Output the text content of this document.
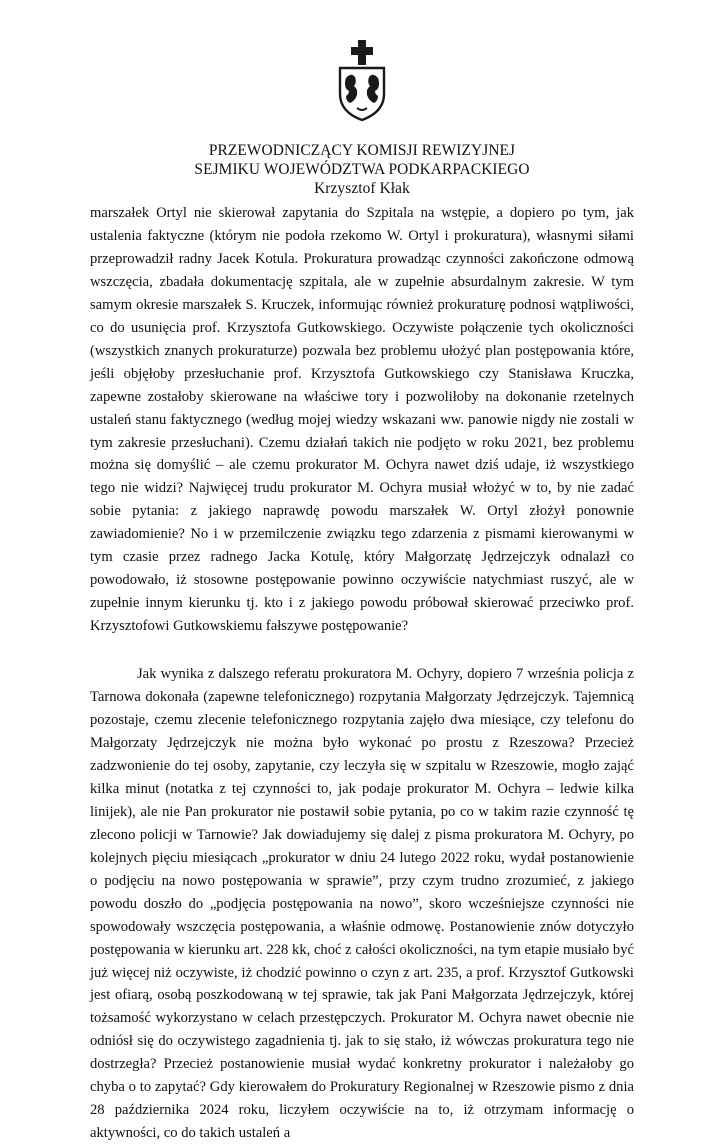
PRZEWODNICZĄCY KOMISJI REWIZYJNEJ
SEJMIKU WOJEWÓDZTWA PODKARPACKIEGO
Krzysztof Kłak

marszałek Ortyl nie skierował zapytania do Szpitala na wstępie, a dopiero po tym, jak ustalenia faktyczne (którym nie podoła rzekomo W. Ortyl i prokuratura), własnymi siłami przeprowadził radny Jacek Kotula. Prokuratura prowadząc czynności zakończone odmową wszczęcia, zbadała dokumentację szpitala, ale w zupełnie absurdalnym zakresie. W tym samym okresie marszałek S. Kruczek, informując również prokuraturę podnosi wątpliwości, co do usunięcia prof. Krzysztofa Gutkowskiego. Oczywiste połączenie tych okoliczności (wszystkich znanych prokuraturze) pozwala bez problemu ułożyć plan postępowania które, jeśli objęłoby przesłuchanie prof. Krzysztofa Gutkowskiego czy Stanisława Kruczka, zapewne zostałoby skierowane na właściwe tory i pozwoliłoby na dokonanie rzetelnych ustaleń stanu faktycznego (według mojej wiedzy wskazani ww. panowie nigdy nie zostali w tym zakresie przesłuchani). Czemu działań takich nie podjęto w roku 2021, bez problemu można się domyślić – ale czemu prokurator M. Ochyra nawet dziś udaje, iż wszystkiego tego nie widzi? Najwięcej trudu prokurator M. Ochyra musiał włożyć w to, by nie zadać sobie pytania: z jakiego naprawdę powodu marszałek W. Ortyl złożył ponownie zawiadomienie? No i w przemilczenie związku tego zdarzenia z pismami kierowanymi w tym czasie przez radnego Jacka Kotulę, który Małgorzatę Jędrzejczyk odnalazł co powodowało, iż stosowne postępowanie powinno oczywiście natychmiast ruszyć, ale w zupełnie innym kierunku tj. kto i z jakiego powodu próbował skierować przeciwko prof. Krzysztofowi Gutkowskiemu fałszywe postępowanie?

Jak wynika z dalszego referatu prokuratora M. Ochyry, dopiero 7 września policja z Tarnowa dokonała (zapewne telefonicznego) rozpytania Małgorzaty Jędrzejczyk. Tajemnicą pozostaje, czemu zlecenie telefonicznego rozpytania zajęło dwa miesiące, czy telefonu do Małgorzaty Jędrzejczyk nie można było wykonać po prostu z Rzeszowa? Przecież zadzwonienie do tej osoby, zapytanie, czy leczyła się w szpitalu w Rzeszowie, mogło zająć kilka minut (notatka z tej czynności to, jak podaje prokurator M. Ochyra – ledwie kilka linijek), ale nie Pan prokurator nie postawił sobie pytania, po co w takim razie czynność tę zlecono policji w Tarnowie? Jak dowiadujemy się dalej z pisma prokuratora M. Ochyry, po kolejnych pięciu miesiącach „prokurator w dniu 24 lutego 2022 roku, wydał postanowienie o podjęciu na nowo postępowania w sprawie”, przy czym trudno zrozumieć, z jakiego powodu doszło do „podjęcia postępowania na nowo”, skoro wcześniejsze czynności nie spowodowały wszczęcia postępowania, a właśnie odmowę. Postanowienie znów dotyczyło postępowania w kierunku art. 228 kk, choć z całości okoliczności, na tym etapie musiało być już więcej niż oczywiste, iż chodzić powinno o czyn z art. 235, a prof. Krzysztof Gutkowski jest ofiarą, osobą poszkodowaną w tej sprawie, tak jak Pani Małgorzata Jędrzejczyk, której tożsamość wykorzystano w celach przestępczych. Prokurator M. Ochyra nawet obecnie nie odniósł się do oczywistego zagadnienia tj. jak to się stało, iż wówczas prokuratura tego nie dostrzegła? Przecież postanowienie musiał wydać konkretny prokurator i należałoby go chyba o to zapytać? Gdy kierowałem do Prokuratury Regionalnej w Rzeszowie pismo z dnia 28 października 2024 roku, liczyłem oczywiście na to, iż otrzymam informację o aktywności, co do takich ustaleń a
